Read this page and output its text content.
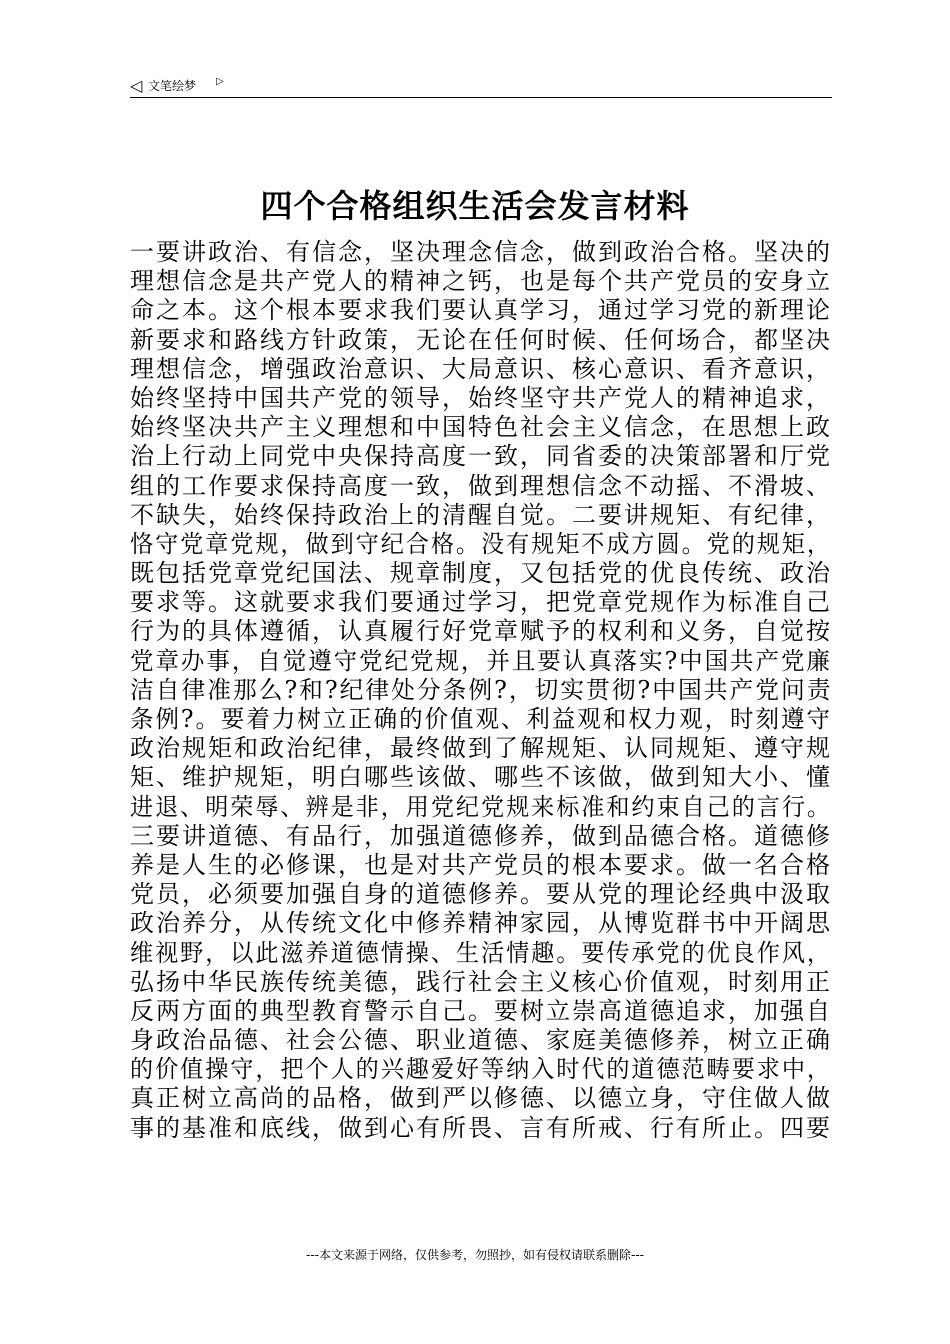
◁ 文笔绘梦 ▷
四个合格组织生活会发言材料
一要讲政治、有信念，坚决理念信念，做到政治合格。坚决的
理想信念是共产党人的精神之钙，也是每个共产党员的安身立
命之本。这个根本要求我们要认真学习，通过学习党的新理论
新要求和路线方针政策，无论在任何时候、任何场合，都坚决
理想信念，增强政治意识、大局意识、核心意识、看齐意识，
始终坚持中国共产党的领导，始终坚守共产党人的精神追求，
始终坚决共产主义理想和中国特色社会主义信念，在思想上政
治上行动上同党中央保持高度一致，同省委的决策部署和厅党
组的工作要求保持高度一致，做到理想信念不动摇、不滑坡、
不缺失，始终保持政治上的清醒自觉。二要讲规矩、有纪律，
恪守党章党规，做到守纪合格。没有规矩不成方圆。党的规矩，
既包括党章党纪国法、规章制度，又包括党的优良传统、政治
要求等。这就要求我们要通过学习，把党章党规作为标准自己
行为的具体遵循，认真履行好党章赋予的权利和义务，自觉按
党章办事，自觉遵守党纪党规，并且要认真落实?中国共产党廉
洁自律准那么?和?纪律处分条例?，切实贯彻?中国共产党问责
条例?。要着力树立正确的价值观、利益观和权力观，时刻遵守
政治规矩和政治纪律，最终做到了解规矩、认同规矩、遵守规
矩、维护规矩，明白哪些该做、哪些不该做，做到知大小、懂
进退、明荣辱、辨是非，用党纪党规来标准和约束自己的言行。
三要讲道德、有品行，加强道德修养，做到品德合格。道德修
养是人生的必修课，也是对共产党员的根本要求。做一名合格
党员，必须要加强自身的道德修养。要从党的理论经典中汲取
政治养分，从传统文化中修养精神家园，从博览群书中开阔思
维视野，以此滋养道德情操、生活情趣。要传承党的优良作风，
弘扬中华民族传统美德，践行社会主义核心价值观，时刻用正
反两方面的典型教育警示自己。要树立崇高道德追求，加强自
身政治品德、社会公德、职业道德、家庭美德修养，树立正确
的价值操守，把个人的兴趣爱好等纳入时代的道德范畴要求中，
真正树立高尚的品格，做到严以修德、以德立身，守住做人做
事的基准和底线，做到心有所畏、言有所戒、行有所止。四要
---本文来源于网络，仅供参考，勿照抄，如有侵权请联系删除---
